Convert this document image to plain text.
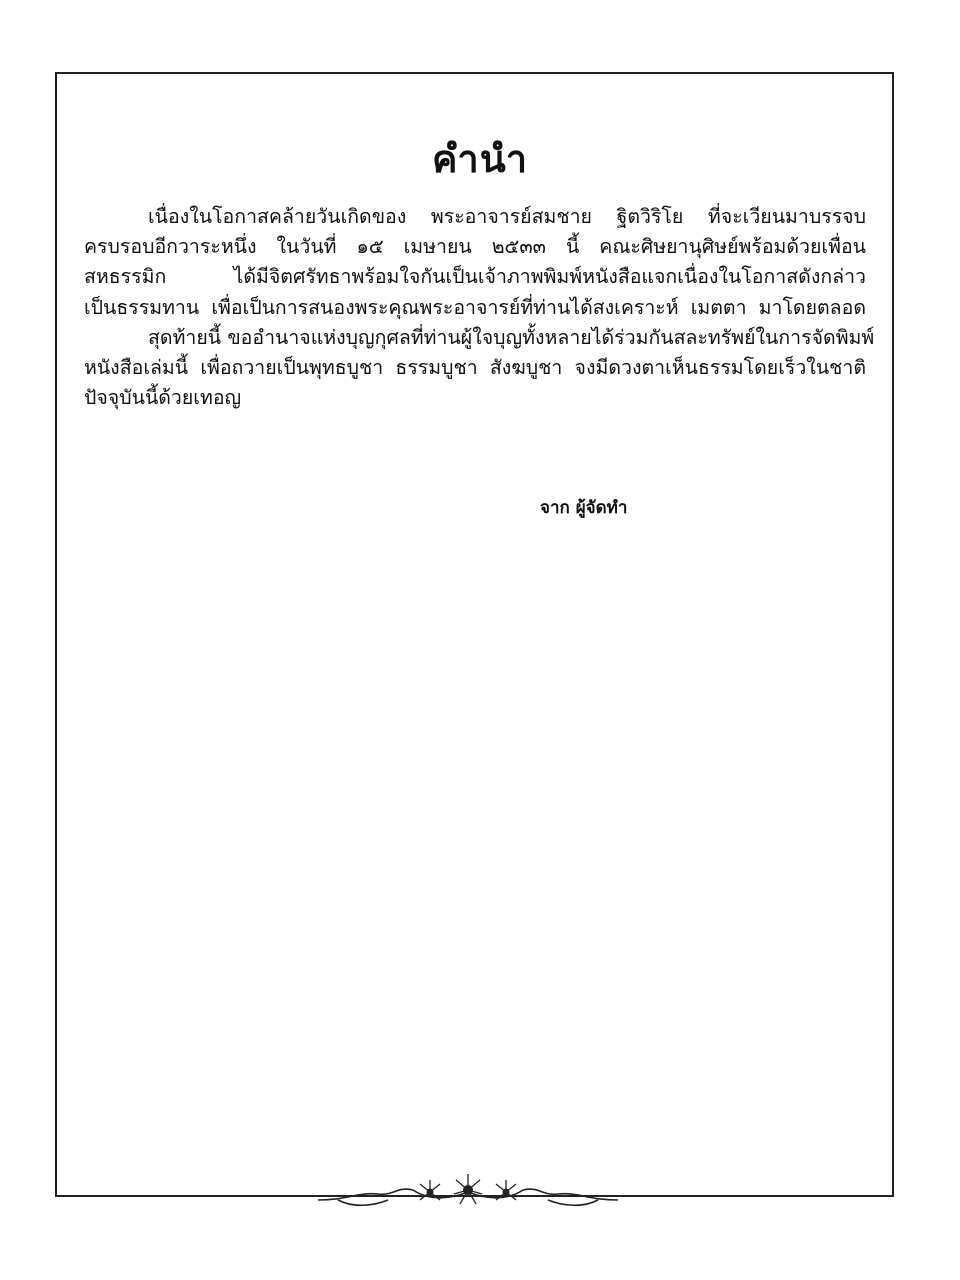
คำนำ
เนื่องในโอกาสคล้ายวันเกิดของ พระอาจารย์สมชาย ฐิตวิริโย ที่จะเวียนมาบรรจบ
ครบรอบอีกวาระหนึ่ง ในวันที่ ๑๕ เมษายน ๒๕๓๓ นี้ คณะศิษยานุศิษย์พร้อมด้วยเพื่อน
สหธรรมิก ได้มีจิตศรัทธาพร้อมใจกันเป็นเจ้าภาพพิมพ์หนังสือแจกเนื่องในโอกาสดังกล่าว
เป็นธรรมทาน เพื่อเป็นการสนองพระคุณพระอาจารย์ที่ท่านได้สงเคราะห์ เมตตา มาโดยตลอด
สุดท้ายนี้ ขออำนาจแห่งบุญกุศลที่ท่านผู้ใจบุญทั้งหลายได้ร่วมกันสละทรัพย์ในการจัดพิมพ์
หนังสือเล่มนี้ เพื่อถวายเป็นพุทธบูชา ธรรมบูชา สังฆบูชา จงมีดวงตาเห็นธรรมโดยเร็วในชาติ
ปัจจุบันนี้ด้วยเทอญ
จาก ผู้จัดทำ
